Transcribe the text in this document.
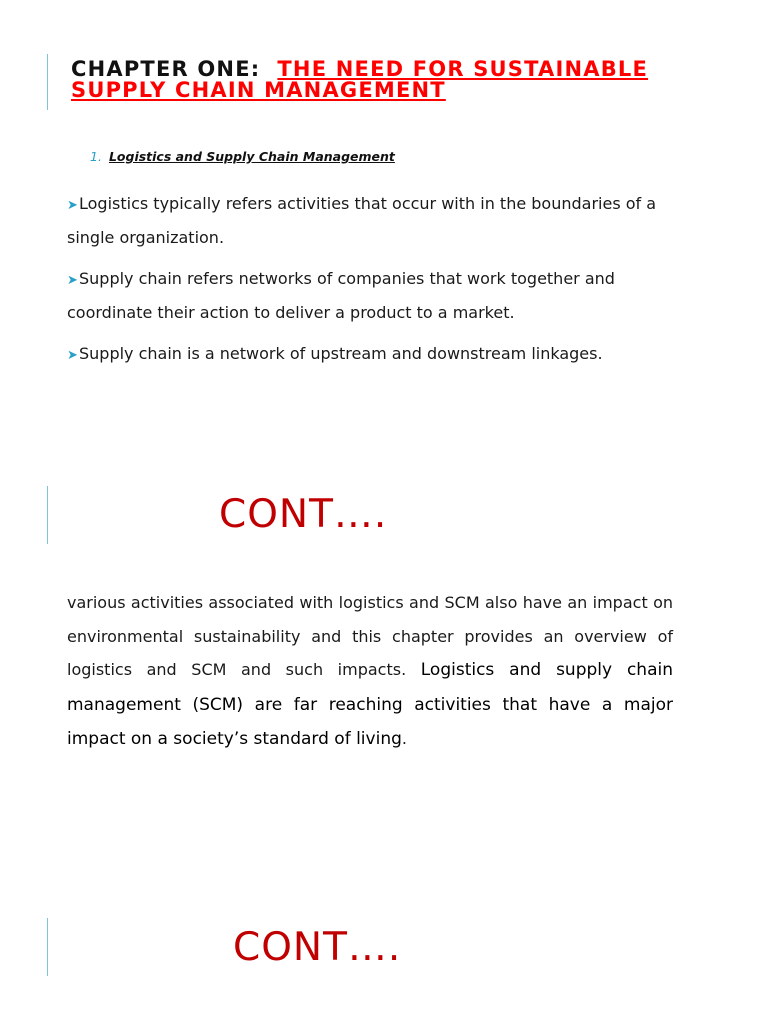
CHAPTER ONE: THE NEED FOR SUSTAINABLE SUPPLY CHAIN MANAGEMENT
1. Logistics and Supply Chain Management
➤Logistics typically refers activities that occur with in the boundaries of a single organization.
➤Supply chain refers networks of companies that work together and coordinate their action to deliver a product to a market.
➤Supply chain is a network of upstream and downstream linkages.
CONT….

various activities associated with logistics and SCM also have an impact on environmental sustainability and this chapter provides an overview of logistics and SCM and such impacts. Logistics and supply chain management (SCM) are far reaching activities that have a major impact on a society’s standard of living.

CONT….
